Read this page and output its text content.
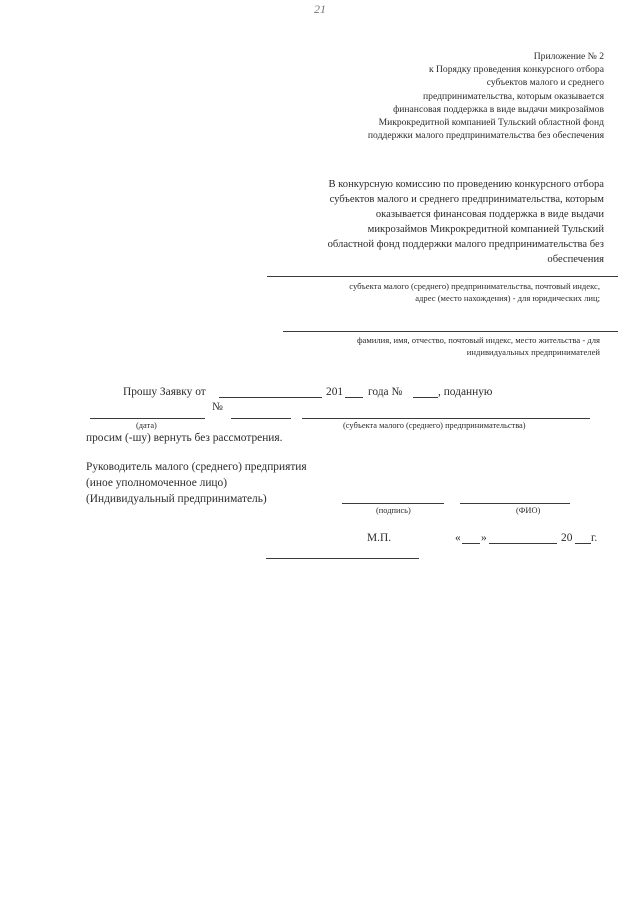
21
Приложение № 2
к Порядку проведения конкурсного отбора
субъектов малого и среднего
предпринимательства, которым оказывается
финансовая поддержка в виде выдачи микрозаймов
Микрокредитной компанией Тульский областной фонд
поддержки малого предпринимательства без обеспечения
В конкурсную комиссию по проведению конкурсного отбора
субъектов малого и среднего предпринимательства, которым
оказывается финансовая поддержка в виде выдачи
микрозаймов Микрокредитной компанией Тульский
областной фонд поддержки малого предпринимательства без
обеспечения
субъекта малого (среднего) предпринимательства, почтовый индекс,
адрес (место нахождения) - для юридических лиц;
фамилия, имя, отчество, почтовый индекс, место жительства - для
индивидуальных предпринимателей
Прошу Заявку от	201 года №	, поданную
№
(дата)	(субъекта малого (среднего) предпринимательства)
просим (-шу) вернуть без рассмотрения.
Руководитель малого (среднего) предприятия
(иное уполномоченное лицо)
(Индивидуальный предприниматель)
(подпись)	(ФИО)
М.П.	« »	20 г.
